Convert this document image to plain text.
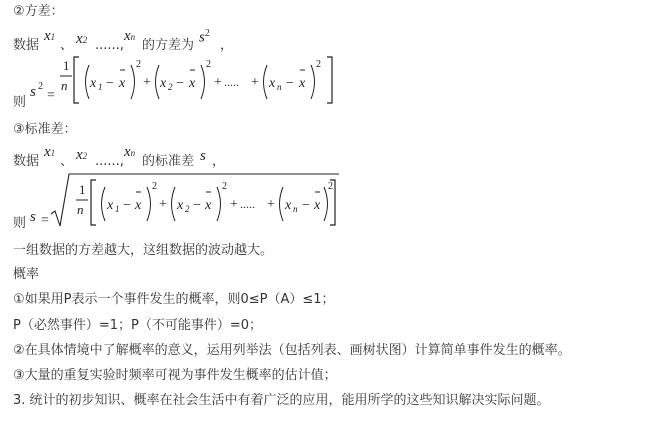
②方差：
数据
x1
、 x2 ......,
xn
的方差为
$s^2$
，
则
s 2
=
1
n x 1 − x
2
+ x 2 − x
2
+ ..... + x n − x
2
③标准差：
数据
x1
、 x2 ......,
xn
的标准差 s ，
则 s =
1
n x 1 − x
2
+ x 2 − x
2
+ ..... + x n − x
2
一组数据的方差越大，这组数据的波动越大。
概率
①如果用P表示一个事件发生的概率，则0≤P（A）≤1；
P（必然事件）=1；P（不可能事件）=0；
②在具体情境中了解概率的意义，运用列举法（包括列表、画树状图）计算简单事件发生的概率。
③大量的重复实验时频率可视为事件发生概率的估计值；
3. 统计的初步知识、概率在社会生活中有着广泛的应用，能用所学的这些知识解决实际问题。
